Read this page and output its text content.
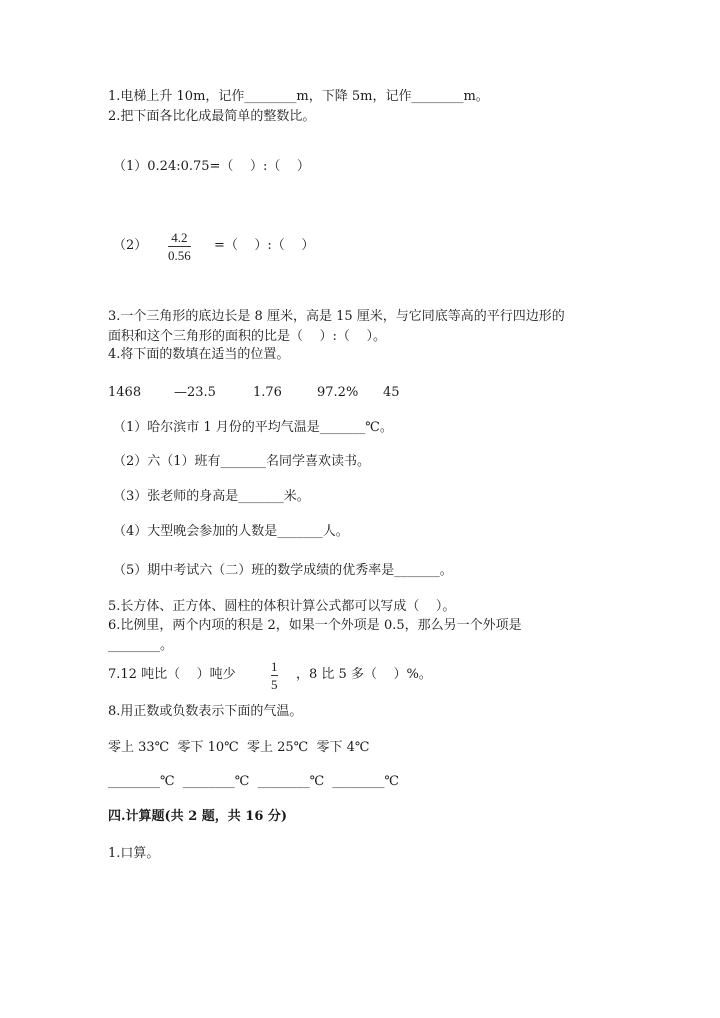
1.电梯上升 10m，记作________m，下降 5m，记作________m。
2.把下面各比化成最简单的整数比。
（1）0.24:0.75=（    ）:（    ）
（2）
4.2
0.56
=（    ）:（    ）
3.一个三角形的底边长是 8 厘米，高是 15 厘米，与它同底等高的平行四边形的
面积和这个三角形的面积的比是（    ）:（    ）。
4.将下面的数填在适当的位置。
1468	—23.5	1.76	97.2% 45
（1）哈尔滨市 1 月份的平均气温是_______℃。
（2）六（1）班有_______名同学喜欢读书。
（3）张老师的身高是_______米。
（4）大型晚会参加的人数是_______人。
（5）期中考试六（二）班的数学成绩的优秀率是_______。
5.长方体、正方体、圆柱的体积计算公式都可以写成（    ）。
6.比例里，两个内项的积是 2，如果一个外项是 0.5，那么另一个外项是
________。
7.12 吨比（    ）吨少
1
5
，8 比 5 多（    ）%。
8.用正数或负数表示下面的气温。
零上 33℃  零下 10℃  零上 25℃  零下 4℃
________℃  ________℃  ________℃  ________℃
四.计算题(共 2 题，共 16 分)
1.口算。
